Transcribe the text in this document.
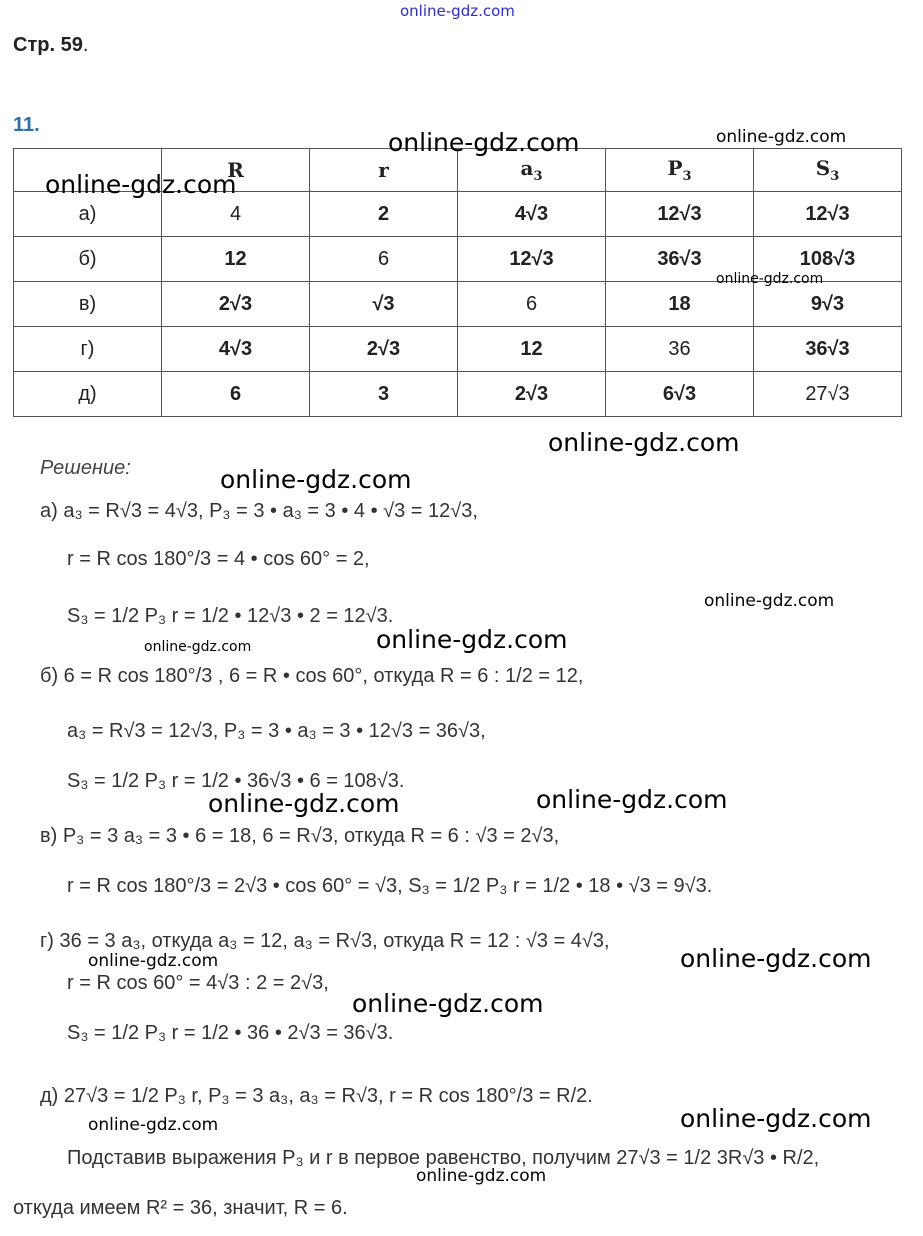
online-gdz.com
Стр. 59.
11.
	R	r	$a_3$	$P_3$	$S_3$
а)	4	2	4√3	12√3	12√3
б)	12	6	12√3	36√3	108√3
в)	2√3	√3	6	18	9√3
г)	4√3	2√3	12	36	36√3
д)	6	3	2√3	6√3	27√3
Решение:
а) a₃ = R√3 = 4√3, P₃ = 3 • a₃ = 3 • 4 • √3 = 12√3,
r = R cos 180°/3 = 4 • cos 60° = 2,
S₃ = 1/2 P₃ r = 1/2 • 12√3 • 2 = 12√3.
б) 6 = R cos 180°/3 , 6 = R • cos 60°, откуда R = 6 : 1/2 = 12,
a₃ = R√3 = 12√3, P₃ = 3 • a₃ = 3 • 12√3 = 36√3,
S₃ = 1/2 P₃ r = 1/2 • 36√3 • 6 = 108√3.
в) P₃ = 3 a₃ = 3 • 6 = 18, 6 = R√3, откуда R = 6 : √3 = 2√3,
r = R cos 180°/3 = 2√3 • cos 60° = √3, S₃ = 1/2 P₃ r = 1/2 • 18 • √3 = 9√3.
г) 36 = 3 a₃, откуда a₃ = 12, a₃ = R√3, откуда R = 12 : √3 = 4√3,
r = R cos 60° = 4√3 : 2 = 2√3,
S₃ = 1/2 P₃ r = 1/2 • 36 • 2√3 = 36√3.
д) 27√3 = 1/2 P₃ r, P₃ = 3 a₃, a₃ = R√3, r = R cos 180°/3 = R/2.
Подставив выражения P₃ и r в первое равенство, получим 27√3 = 1/2 3R√3 • R/2,
откуда имеем R² = 36, значит, R = 6.
online-gdz.com	online-gdz.com
online-gdz.com
online-gdz.com
online-gdz.com
online-gdz.com
online-gdz.com
online-gdz.com
online-gdz.com
online-gdz.com	online-gdz.com
online-gdz.com	online-gdz.com
online-gdz.com
online-gdz.com
online-gdz.com
online-gdz.com
